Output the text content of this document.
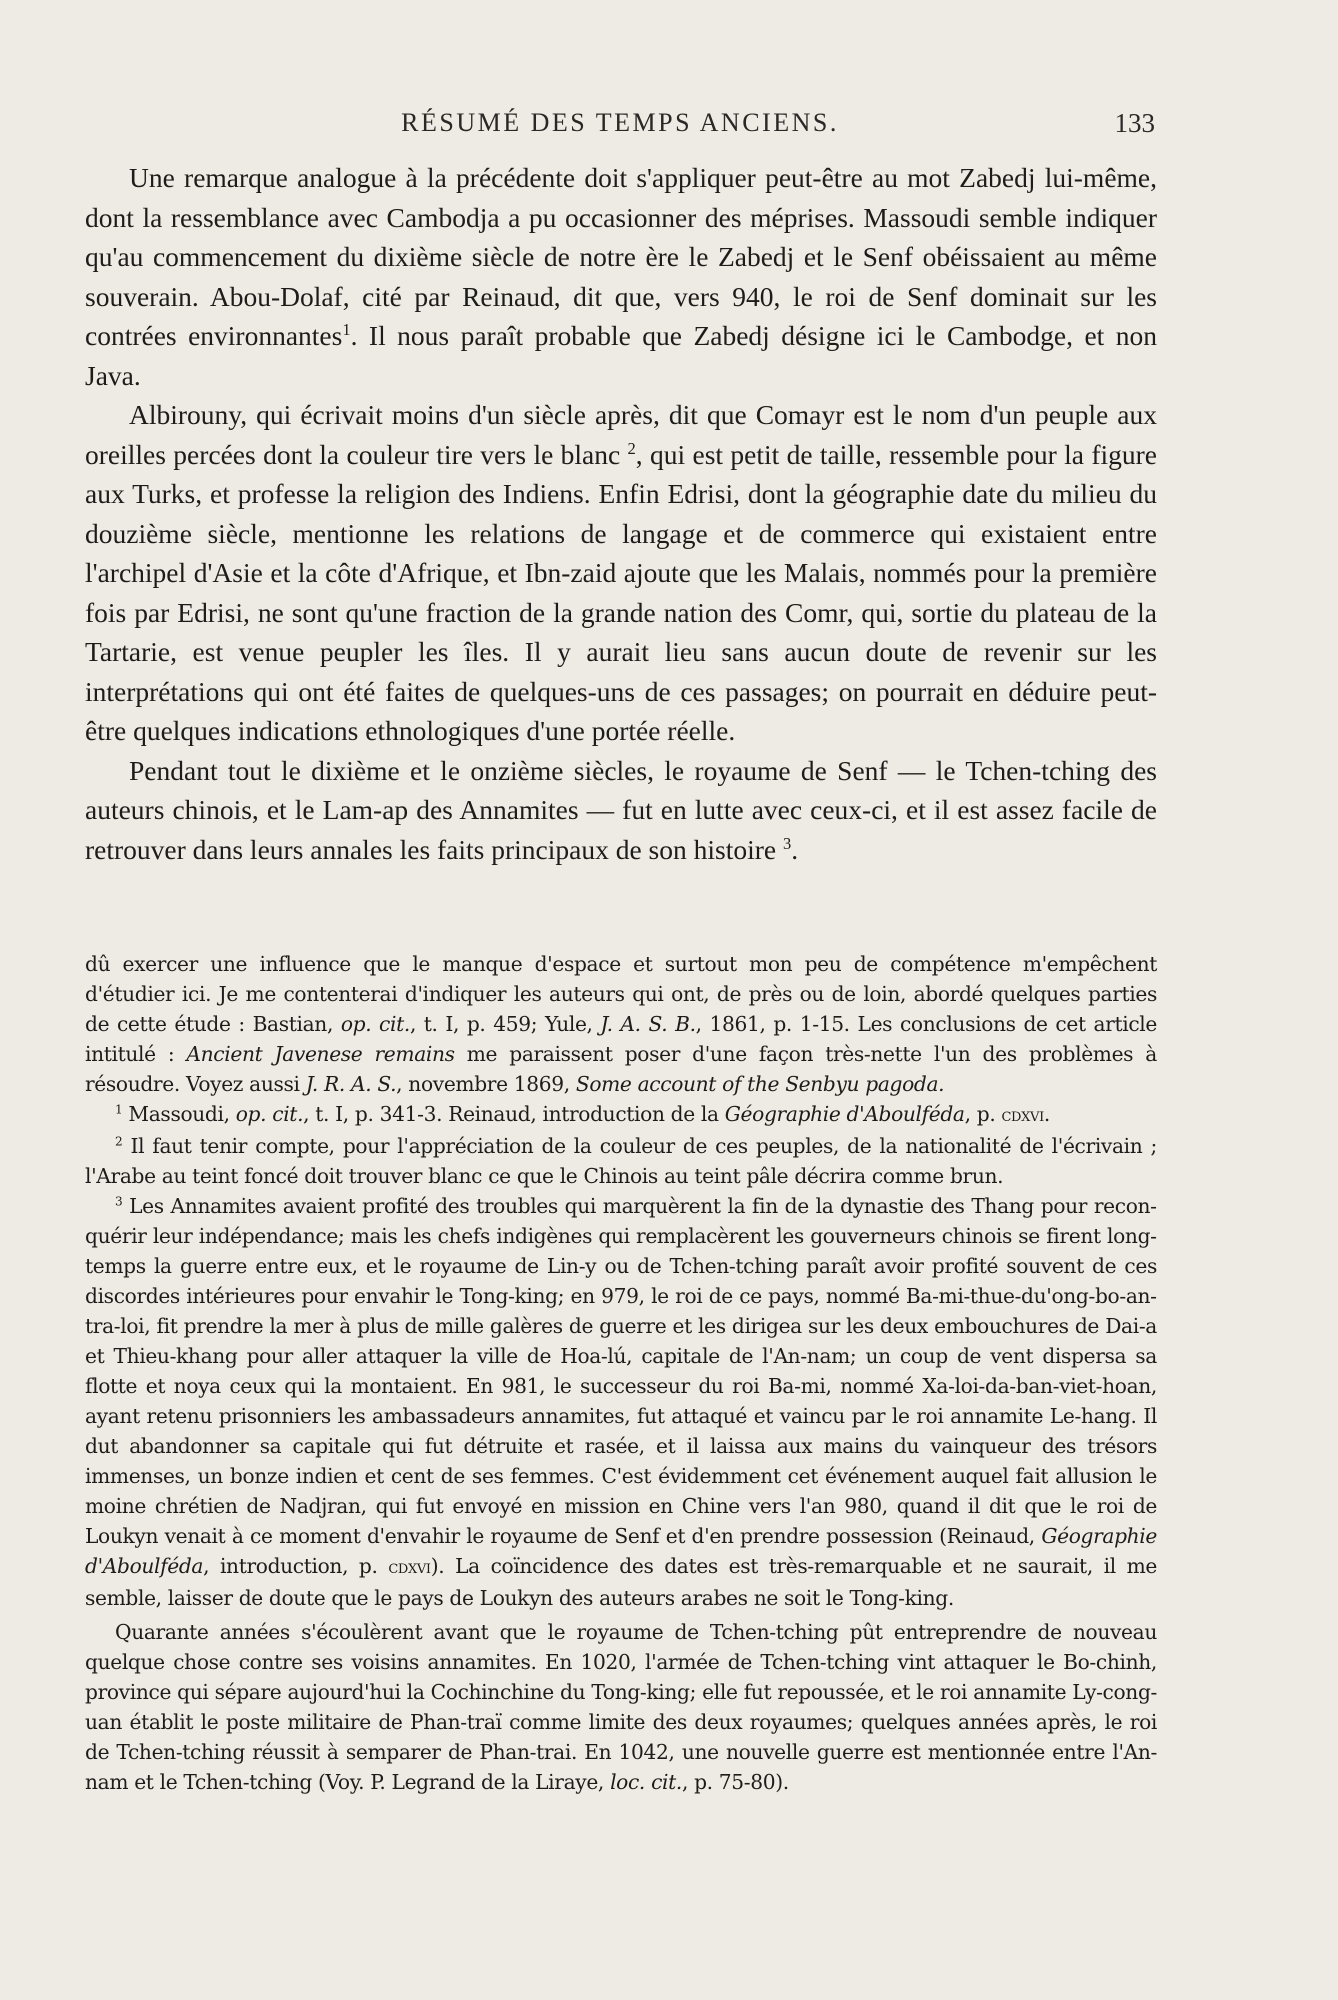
RÉSUMÉ DES TEMPS ANCIENS.	133

Une remarque analogue à la précédente doit s'appliquer peut-être au mot Zabedj lui-même, dont la ressemblance avec Cambodja a pu occasionner des méprises. Massoudi semble indiquer qu'au commencement du dixième siècle de notre ère le Zabedj et le Senf obéissaient au même souverain. Abou-Dolaf, cité par Reinaud, dit que, vers 940, le roi de Senf dominait sur les contrées environnantes$^1$. Il nous paraît probable que Zabedj désigne ici le Cambodge, et non Java.

Albirouny, qui écrivait moins d'un siècle après, dit que Comayr est le nom d'un peuple aux oreilles percées dont la couleur tire vers le blanc $^2$, qui est petit de taille, ressemble pour la figure aux Turks, et professe la religion des Indiens. Enfin Edrisi, dont la géographie date du milieu du douzième siècle, mentionne les relations de langage et de commerce qui existaient entre l'archipel d'Asie et la côte d'Afrique, et Ibn-zaid ajoute que les Malais, nommés pour la première fois par Edrisi, ne sont qu'une fraction de la grande nation des Comr, qui, sortie du plateau de la Tartarie, est venue peupler les îles. Il y aurait lieu sans aucun doute de revenir sur les interprétations qui ont été faites de quelques-uns de ces passages; on pourrait en déduire peut-être quelques indications ethnologiques d'une portée réelle.

Pendant tout le dixième et le onzième siècles, le royaume de Senf — le Tchen-tching des auteurs chinois, et le Lam-ap des Annamites — fut en lutte avec ceux-ci, et il est assez facile de retrouver dans leurs annales les faits principaux de son histoire $^3$.

dû exercer une influence que le manque d'espace et surtout mon peu de compétence m'empêchent d'étudier ici. Je me contenterai d'indiquer les auteurs qui ont, de près ou de loin, abordé quelques parties de cette étude : Bastian, op. cit., t. I, p. 459; Yule, J. A. S. B., 1861, p. 1-15. Les conclusions de cet article intitulé : Ancient Javenese remains me paraissent poser d'une façon très-nette l'un des problèmes à résoudre. Voyez aussi J. R. A. S., novembre 1869, Some account of the Senbyu pagoda.

$^1$ Massoudi, op. cit., t. I, p. 341-3. Reinaud, introduction de la Géographie d'Aboulféda, p. cdxvi.

$^2$ Il faut tenir compte, pour l'appréciation de la couleur de ces peuples, de la nationalité de l'écrivain ; l'Arabe au teint foncé doit trouver blanc ce que le Chinois au teint pâle décrira comme brun.

$^3$ Les Annamites avaient profité des troubles qui marquèrent la fin de la dynastie des Thang pour reconquérir leur indépendance; mais les chefs indigènes qui remplacèrent les gouverneurs chinois se firent longtemps la guerre entre eux, et le royaume de Lin-y ou de Tchen-tching paraît avoir profité souvent de ces discordes intérieures pour envahir le Tong-king; en 979, le roi de ce pays, nommé Ba-mi-thue-du'ong-bo-antra-loi, fit prendre la mer à plus de mille galères de guerre et les dirigea sur les deux embouchures de Dai-a et Thieu-khang pour aller attaquer la ville de Hoa-lú, capitale de l'An-nam; un coup de vent dispersa sa flotte et noya ceux qui la montaient. En 981, le successeur du roi Ba-mi, nommé Xa-loi-da-ban-viet-hoan, ayant retenu prisonniers les ambassadeurs annamites, fut attaqué et vaincu par le roi annamite Le-hang. Il dut abandonner sa capitale qui fut détruite et rasée, et il laissa aux mains du vainqueur des trésors immenses, un bonze indien et cent de ses femmes. C'est évidemment cet événement auquel fait allusion le moine chrétien de Nadjran, qui fut envoyé en mission en Chine vers l'an 980, quand il dit que le roi de Loukyn venait à ce moment d'envahir le royaume de Senf et d'en prendre possession (Reinaud, Géographie d'Aboulféda, introduction, p. cdxvi). La coïncidence des dates est très-remarquable et ne saurait, il me semble, laisser de doute que le pays de Loukyn des auteurs arabes ne soit le Tong-king.

Quarante années s'écoulèrent avant que le royaume de Tchen-tching pût entreprendre de nouveau quelque chose contre ses voisins annamites. En 1020, l'armée de Tchen-tching vint attaquer le Bo-chinh, province qui sépare aujourd'hui la Cochinchine du Tong-king; elle fut repoussée, et le roi annamite Ly-cong-uan établit le poste militaire de Phan-traï comme limite des deux royaumes; quelques années après, le roi de Tchen-tching réussit à semparer de Phan-trai. En 1042, une nouvelle guerre est mentionnée entre l'An-nam et le Tchen-tching (Voy. P. Legrand de la Liraye, loc. cit., p. 75-80).
